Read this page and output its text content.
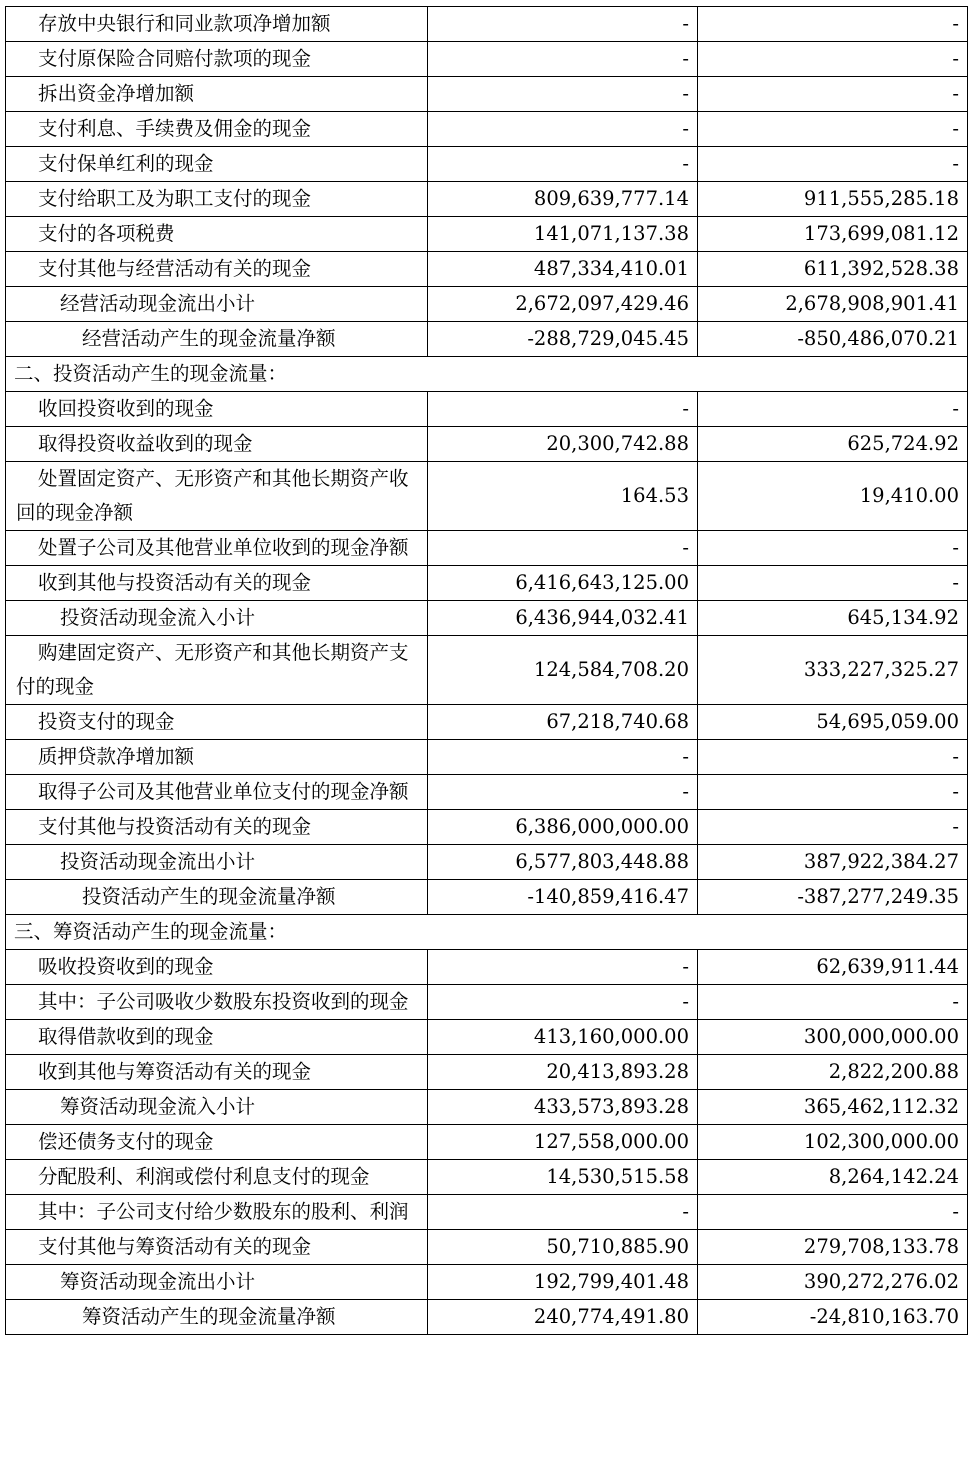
存放中央银行和同业款项净增加额	-	-
支付原保险合同赔付款项的现金	-	-
拆出资金净增加额	-	-
支付利息、手续费及佣金的现金	-	-
支付保单红利的现金	-	-
支付给职工及为职工支付的现金	809,639,777.14	911,555,285.18
支付的各项税费	141,071,137.38	173,699,081.12
支付其他与经营活动有关的现金	487,334,410.01	611,392,528.38
经营活动现金流出小计	2,672,097,429.46	2,678,908,901.41
经营活动产生的现金流量净额	-288,729,045.45	-850,486,070.21
二、投资活动产生的现金流量：		
收回投资收到的现金	-	-
取得投资收益收到的现金	20,300,742.88	625,724.92
处置固定资产、无形资产和其他长期资产收回的现金净额	164.53	19,410.00
处置子公司及其他营业单位收到的现金净额	-	-
收到其他与投资活动有关的现金	6,416,643,125.00	-
投资活动现金流入小计	6,436,944,032.41	645,134.92
购建固定资产、无形资产和其他长期资产支付的现金	124,584,708.20	333,227,325.27
投资支付的现金	67,218,740.68	54,695,059.00
质押贷款净增加额	-	-
取得子公司及其他营业单位支付的现金净额	-	-
支付其他与投资活动有关的现金	6,386,000,000.00	-
投资活动现金流出小计	6,577,803,448.88	387,922,384.27
投资活动产生的现金流量净额	-140,859,416.47	-387,277,249.35
三、筹资活动产生的现金流量：		
吸收投资收到的现金	-	62,639,911.44
其中：子公司吸收少数股东投资收到的现金	-	-
取得借款收到的现金	413,160,000.00	300,000,000.00
收到其他与筹资活动有关的现金	20,413,893.28	2,822,200.88
筹资活动现金流入小计	433,573,893.28	365,462,112.32
偿还债务支付的现金	127,558,000.00	102,300,000.00
分配股利、利润或偿付利息支付的现金	14,530,515.58	8,264,142.24
其中：子公司支付给少数股东的股利、利润	-	-
支付其他与筹资活动有关的现金	50,710,885.90	279,708,133.78
筹资活动现金流出小计	192,799,401.48	390,272,276.02
筹资活动产生的现金流量净额	240,774,491.80	-24,810,163.70
